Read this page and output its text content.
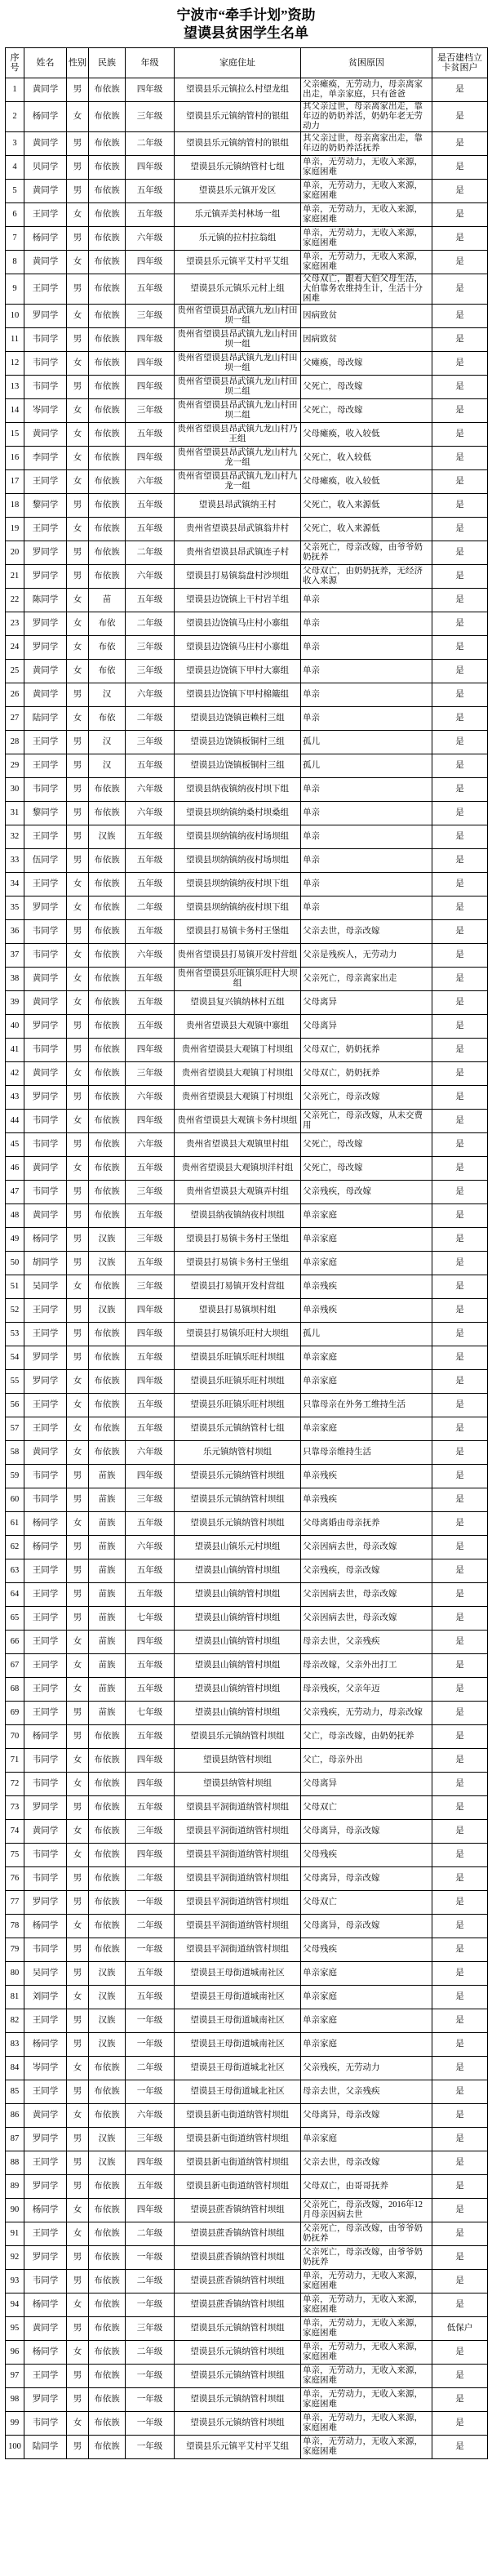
宁波市“牵手计划”资助
望谟县贫困学生名单
序号	姓名	性别	民族	年级	家庭住址	贫困原因	是否建档立卡贫困户
1	黄同学	男	布依族	四年级	望谟县乐元镇拉么村望龙组	父亲瘫痪，无劳动力，母亲离家出走，单亲家庭，只有爸爸	是
2	杨同学	女	布依族	三年级	望谟县乐元镇纳管村的银组	其父亲过世，母亲离家出走，靠年迈的奶奶养活，奶奶年老无劳动力	是
3	黄同学	男	布依族	二年级	望谟县乐元镇纳管村的银组	其父亲过世，母亲离家出走，靠年迈的奶奶养活抚养	是
4	贝同学	男	布依族	四年级	望谟县乐元镇纳管村七组	单亲，无劳动力，无收入来源，家庭困难	是
5	黄同学	男	布依族	五年级	望谟县乐元镇开发区	单亲，无劳动力，无收入来源，家庭困难	是
6	王同学	女	布依族	五年级	乐元镇弄美村林场一组	单亲，无劳动力，无收入来源，家庭困难	是
7	杨同学	男	布依族	六年级	乐元镇的拉村拉翁组	单亲，无劳动力，无收入来源，家庭困难	是
8	黄同学	女	布依族	四年级	望谟县乐元镇平艾村平艾组	单亲，无劳动力，无收入来源，家庭困难	是
9	王同学	男	布依族	五年级	望谟县乐元镇乐元村上组	父母双亡，跟着大伯父母生活，大伯靠务农维持生计，生活十分困难	是
10	罗同学	女	布依族	三年级	贵州省望谟县昂武镇九龙山村田坝一组	因病致贫	是
11	韦同学	男	布依族	四年级	贵州省望谟县昂武镇九龙山村田坝一组	因病致贫	是
12	韦同学	女	布依族	四年级	贵州省望谟县昂武镇九龙山村田坝一组	父瘫痪，母改嫁	是
13	韦同学	男	布依族	四年级	贵州省望谟县昂武镇九龙山村田坝二组	父死亡，母改嫁	是
14	岑同学	女	布依族	三年级	贵州省望谟县昂武镇九龙山村田坝二组	父死亡，母改嫁	是
15	黄同学	女	布依族	五年级	贵州省望谟县昂武镇九龙山村乃王组	父母瘫痪，收入较低	是
16	李同学	女	布依族	四年级	贵州省望谟县昂武镇九龙山村九龙一组	父死亡，收入较低	是
17	王同学	女	布依族	六年级	贵州省望谟县昂武镇九龙山村九龙一组	父母瘫痪，收入较低	是
18	黎同学	男	布依族	五年级	望谟县昂武镇纳王村	父死亡，收入来源低	是
19	王同学	女	布依族	五年级	贵州省望谟县昂武镇翁井村	父死亡，收入来源低	是
20	罗同学	男	布依族	二年级	贵州省望谟县昂武镇连子村	父亲死亡，母亲改嫁，由爷爷奶奶抚养	是
21	罗同学	男	布依族	六年级	望谟县打易镇翁盘村沙坝组	父母双亡，由奶奶抚养，无经济收入来源	是
22	陈同学	女	苗	五年级	望谟县边饶镇上干村岩羊组	单亲	是
23	罗同学	女	布依	二年级	望谟县边饶镇马庄村小寨组	单亲	是
24	罗同学	女	布依	三年级	望谟县边饶镇马庄村小寨组	单亲	是
25	黄同学	女	布依	三年级	望谟县边饶镇下甲村大寨组	单亲	是
26	黄同学	男	汉	六年级	望谟县边饶镇下甲村棉簸组	单亲	是
27	陆同学	女	布依	二年级	望谟县边饶镇岜赖村三组	单亲	是
28	王同学	男	汉	三年级	望谟县边饶镇板铜村三组	孤儿	是
29	王同学	男	汉	五年级	望谟县边饶镇板铜村三组	孤儿	是
30	韦同学	男	布依族	六年级	望谟县纳夜镇纳夜村坝下组	单亲	是
31	黎同学	男	布依族	六年级	望谟县坝纳镇纳桑村坝桑组	单亲	是
32	王同学	男	汉族	五年级	望谟县坝纳镇纳夜村场坝组	单亲	是
33	伍同学	男	布依族	五年级	望谟县坝纳镇纳夜村场坝组	单亲	是
34	王同学	女	布依族	五年级	望谟县坝纳镇纳夜村坝下组	单亲	是
35	罗同学	女	布依族	二年级	望谟县坝纳镇纳夜村坝下组	单亲	是
36	韦同学	男	布依族	五年级	望谟县打易镇卡务村王堡组	父亲去世，母亲改嫁	是
37	韦同学	女	布依族	六年级	贵州省望谟县打易镇开发村营组	父亲是残疾人，无劳动力	是
38	黄同学	女	布依族	五年级	贵州省望谟县乐旺镇乐旺村大坝组	父亲死亡，母亲离家出走	是
39	黄同学	女	布依族	五年级	望谟县复兴镇纳林村五组	父母离异	是
40	罗同学	男	布依族	五年级	贵州省望谟县大观镇中寨组	父母离异	是
41	韦同学	男	布依族	四年级	贵州省望谟县大观镇丁村坝组	父母双亡，奶奶抚养	是
42	黄同学	女	布依族	三年级	贵州省望谟县大观镇丁村坝组	父母双亡，奶奶抚养	是
43	罗同学	男	布依族	六年级	贵州省望谟县大观镇丁村坝组	父亲死亡，母亲改嫁	是
44	韦同学	女	布依族	四年级	贵州省望谟县大观镇卡务村坝组	父亲死亡，母亲改嫁，从未交费用	是
45	韦同学	男	布依族	六年级	贵州省望谟县大观镇里村组	父死亡，母改嫁	是
46	黄同学	女	布依族	五年级	贵州省望谟县大观镇坝洋村组	父死亡，母改嫁	是
47	韦同学	男	布依族	三年级	贵州省望谟县大观镇弄村组	父亲残疾，母改嫁	是
48	黄同学	男	布依族	五年级	望谟县纳夜镇纳夜村坝组	单亲家庭	是
49	杨同学	男	汉族	三年级	望谟县打易镇卡务村王堡组	单亲家庭	是
50	胡同学	男	汉族	五年级	望谟县打易镇卡务村王堡组	单亲家庭	是
51	吴同学	女	布依族	三年级	望谟县打易镇开发村营组	单亲残疾	是
52	王同学	男	汉族	四年级	望谟县打易镇坝村组	单亲残疾	是
53	王同学	男	布依族	四年级	望谟县打易镇乐旺村大坝组	孤儿	是
54	罗同学	男	布依族	五年级	望谟县乐旺镇乐旺村坝组	单亲家庭	是
55	罗同学	女	布依族	四年级	望谟县乐旺镇乐旺村坝组	单亲家庭	是
56	王同学	女	布依族	五年级	望谟县乐旺镇乐旺村坝组	只靠母亲在外务工维持生活	是
57	王同学	女	布依族	五年级	望谟县乐元镇纳管村七组	单亲家庭	是
58	黄同学	女	布依族	六年级	乐元镇纳管村坝组	只靠母亲维持生活	是
59	韦同学	男	苗族	四年级	望谟县乐元镇纳管村坝组	单亲残疾	是
60	韦同学	男	苗族	三年级	望谟县乐元镇纳管村坝组	单亲残疾	是
61	杨同学	女	苗族	五年级	望谟县乐元镇纳管村坝组	父母离婚由母亲抚养	是
62	杨同学	男	苗族	六年级	望谟县山镇乐元村坝组	父亲因病去世，母亲改嫁	是
63	王同学	男	苗族	五年级	望谟县山镇纳管村坝组	父亲残疾，母亲改嫁	是
64	王同学	男	苗族	五年级	望谟县山镇纳管村坝组	父亲因病去世，母亲改嫁	是
65	王同学	男	苗族	七年级	望谟县山镇纳管村坝组	父亲因病去世，母亲改嫁	是
66	王同学	女	苗族	四年级	望谟县山镇纳管村坝组	母亲去世，父亲残疾	是
67	王同学	女	苗族	五年级	望谟县山镇纳管村坝组	母亲改嫁，父亲外出打工	是
68	王同学	女	苗族	五年级	望谟县山镇纳管村坝组	母亲残疾，父亲年迈	是
69	王同学	男	苗族	七年级	望谟县山镇纳管村坝组	父亲残疾，无劳动力，母亲改嫁	是
70	杨同学	男	布依族	五年级	望谟县乐元镇纳管村坝组	父亡，母亲改嫁，由奶奶抚养	是
71	韦同学	女	布依族	四年级	望谟县纳管村坝组	父亡，母亲外出	是
72	韦同学	女	布依族	四年级	望谟县纳管村坝组	父母离异	是
73	罗同学	男	布依族	五年级	望谟县平洞街道纳管村坝组	父母双亡	是
74	黄同学	女	布依族	三年级	望谟县平洞街道纳管村坝组	父母离异，母亲改嫁	是
75	韦同学	女	布依族	四年级	望谟县平洞街道纳管村坝组	父母残疾	是
76	韦同学	男	布依族	二年级	望谟县平洞街道纳管村坝组	父母离异，母亲改嫁	是
77	罗同学	男	布依族	一年级	望谟县平洞街道纳管村坝组	父母双亡	是
78	杨同学	女	布依族	二年级	望谟县平洞街道纳管村坝组	父母离异，母亲改嫁	是
79	韦同学	男	布依族	一年级	望谟县平洞街道纳管村坝组	父母残疾	是
80	吴同学	男	汉族	五年级	望谟县王母街道城南社区	单亲家庭	是
81	刘同学	女	汉族	五年级	望谟县王母街道城南社区	单亲家庭	是
82	王同学	男	汉族	一年级	望谟县王母街道城南社区	单亲家庭	是
83	杨同学	男	汉族	一年级	望谟县王母街道城南社区	单亲家庭	是
84	岑同学	女	布依族	二年级	望谟县王母街道城北社区	父亲残疾，无劳动力	是
85	王同学	男	布依族	一年级	望谟县王母街道城北社区	母亲去世，父亲残疾	是
86	黄同学	女	布依族	六年级	望谟县新屯街道纳管村坝组	父母离异，母亲改嫁	是
87	罗同学	男	汉族	三年级	望谟县新屯街道纳管村坝组	单亲家庭	是
88	王同学	男	汉族	四年级	望谟县新屯街道纳管村坝组	父亲去世，母亲改嫁	是
89	罗同学	男	布依族	五年级	望谟县新屯街道纳管村坝组	父母双亡，由哥哥抚养	是
90	杨同学	女	布依族	四年级	望谟县蔗香镇纳管村坝组	父亲死亡，母亲改嫁，2016年12月母亲因病去世	是
91	王同学	女	布依族	二年级	望谟县蔗香镇纳管村坝组	父亲死亡，母亲改嫁，由爷爷奶奶抚养	是
92	罗同学	男	布依族	一年级	望谟县蔗香镇纳管村坝组	父亲死亡，母亲改嫁，由爷爷奶奶抚养	是
93	韦同学	男	布依族	二年级	望谟县蔗香镇纳管村坝组	单亲，无劳动力，无收入来源，家庭困难	是
94	杨同学	女	布依族	一年级	望谟县蔗香镇纳管村坝组	单亲，无劳动力，无收入来源，家庭困难	是
95	黄同学	男	布依族	三年级	望谟县乐元镇纳管村坝组	单亲，无劳动力，无收入来源，家庭困难	低保户
96	杨同学	女	布依族	二年级	望谟县乐元镇纳管村坝组	单亲，无劳动力，无收入来源，家庭困难	是
97	王同学	男	布依族	一年级	望谟县乐元镇纳管村坝组	单亲，无劳动力，无收入来源，家庭困难	是
98	罗同学	男	布依族	一年级	望谟县乐元镇纳管村坝组	单亲，无劳动力，无收入来源，家庭困难	是
99	韦同学	女	布依族	一年级	望谟县乐元镇纳管村坝组	单亲，无劳动力，无收入来源，家庭困难	是
100	陆同学	男	布依族	一年级	望谟县乐元镇平艾村平艾组	单亲，无劳动力，无收入来源，家庭困难	是
